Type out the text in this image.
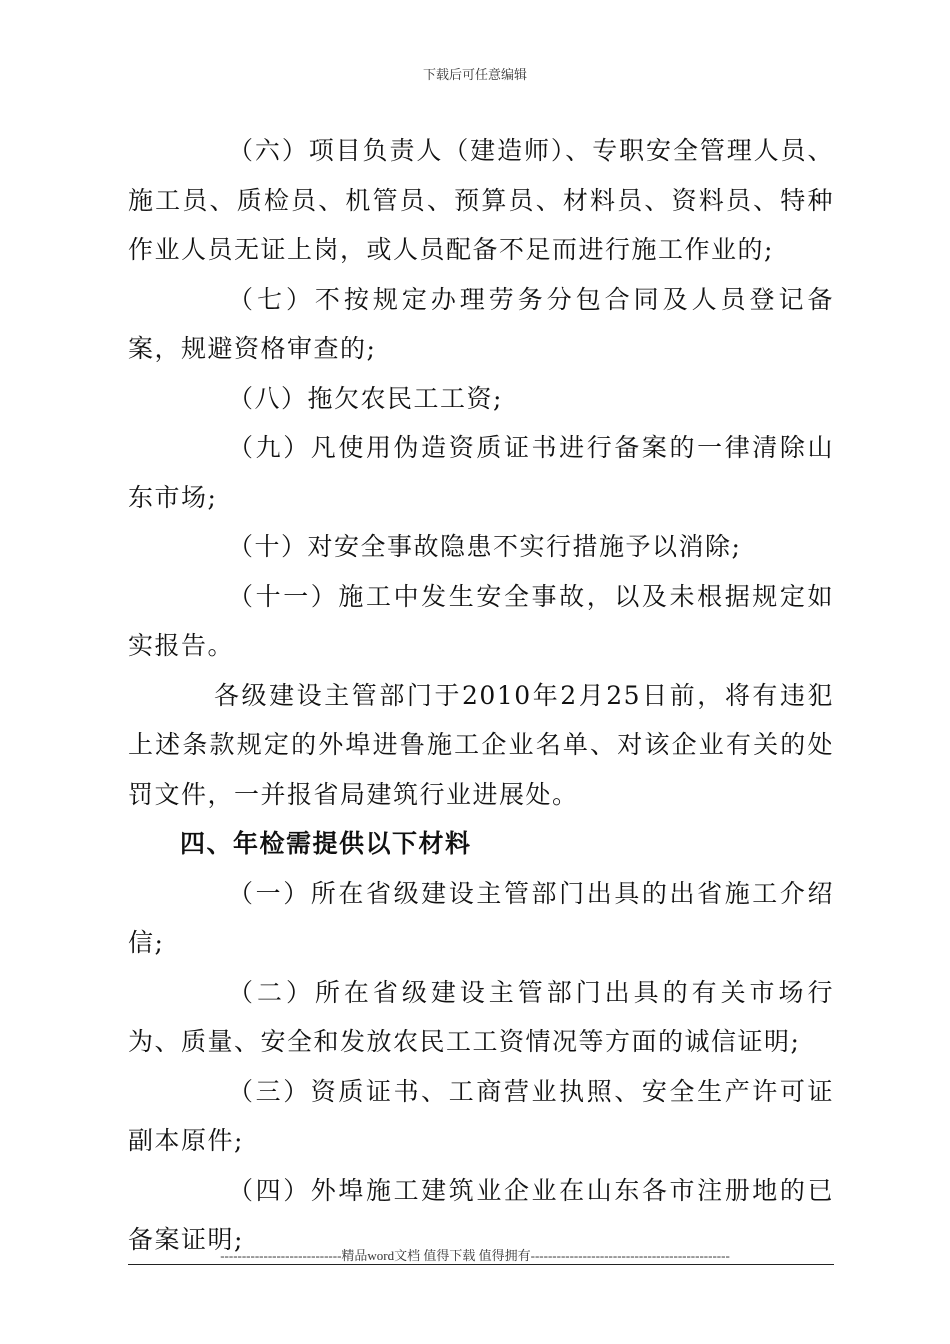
下载后可任意编辑

（六）项目负责人（建造师）、专职安全管理人员、施工员、质检员、机管员、预算员、材料员、资料员、特种作业人员无证上岗，或人员配备不足而进行施工作业的;

（七）不按规定办理劳务分包合同及人员登记备案，规避资格审查的;

（八）拖欠农民工工资;

（九）凡使用伪造资质证书进行备案的一律清除山东市场;

（十）对安全事故隐患不实行措施予以消除;

（十一）施工中发生安全事故，以及未根据规定如实报告。

各级建设主管部门于2010年2月25日前，将有违犯上述条款规定的外埠进鲁施工企业名单、对该企业有关的处罚文件，一并报省局建筑行业进展处。

四、年检需提供以下材料

（一）所在省级建设主管部门出具的出省施工介绍信;

（二）所在省级建设主管部门出具的有关市场行为、质量、安全和发放农民工工资情况等方面的诚信证明;

（三）资质证书、工商营业执照、安全生产许可证副本原件;

（四）外埠施工建筑业企业在山东各市注册地的已备案证明;

----------------------------精品word文档 值得下载 值得拥有----------------------------------------------
